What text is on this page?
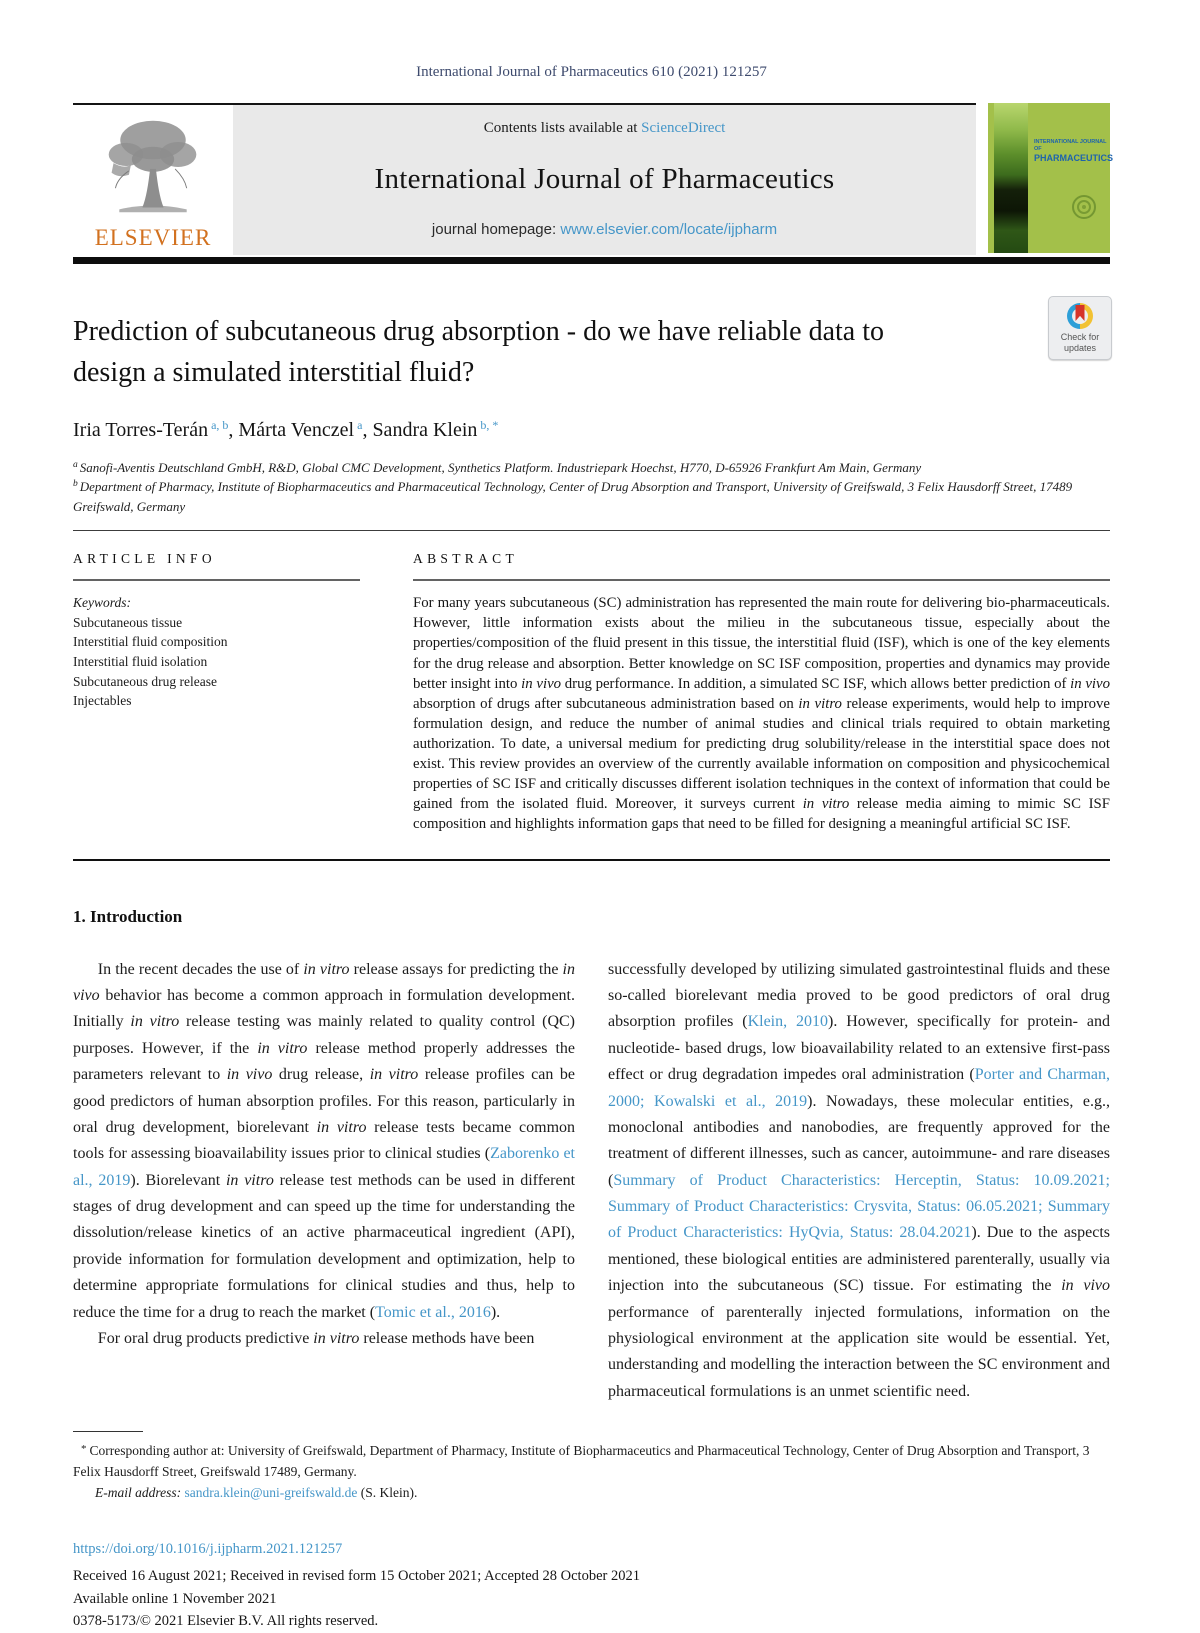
International Journal of Pharmaceutics 610 (2021) 121257
ELSEVIER
Contents lists available at ScienceDirect
International Journal of Pharmaceutics
journal homepage: www.elsevier.com/locate/ijpharm
INTERNATIONAL JOURNAL OF
PHARMACEUTICS
Prediction of subcutaneous drug absorption - do we have reliable data to design a simulated interstitial fluid?
Iria Torres-Terán $^{a, b}$, Márta Venczel $^a$, Sandra Klein $^{b, *}$
$^a$ Sanofi-Aventis Deutschland GmbH, R&D, Global CMC Development, Synthetics Platform. Industriepark Hoechst, H770, D-65926 Frankfurt Am Main, Germany
$^b$ Department of Pharmacy, Institute of Biopharmaceutics and Pharmaceutical Technology, Center of Drug Absorption and Transport, University of Greifswald, 3 Felix Hausdorff Street, 17489 Greifswald, Germany
ARTICLE INFO
Keywords:
Subcutaneous tissue
Interstitial fluid composition
Interstitial fluid isolation
Subcutaneous drug release
Injectables
ABSTRACT
For many years subcutaneous (SC) administration has represented the main route for delivering bio-pharmaceuticals. However, little information exists about the milieu in the subcutaneous tissue, especially about the properties/composition of the fluid present in this tissue, the interstitial fluid (ISF), which is one of the key elements for the drug release and absorption. Better knowledge on SC ISF composition, properties and dynamics may provide better insight into in vivo drug performance. In addition, a simulated SC ISF, which allows better prediction of in vivo absorption of drugs after subcutaneous administration based on in vitro release experiments, would help to improve formulation design, and reduce the number of animal studies and clinical trials required to obtain marketing authorization. To date, a universal medium for predicting drug solubility/release in the interstitial space does not exist. This review provides an overview of the currently available information on composition and physicochemical properties of SC ISF and critically discusses different isolation techniques in the context of information that could be gained from the isolated fluid. Moreover, it surveys current in vitro release media aiming to mimic SC ISF composition and highlights information gaps that need to be filled for designing a meaningful artificial SC ISF.
1. Introduction

In the recent decades the use of in vitro release assays for predicting the in vivo behavior has become a common approach in formulation development. Initially in vitro release testing was mainly related to quality control (QC) purposes. However, if the in vitro release method properly addresses the parameters relevant to in vivo drug release, in vitro release profiles can be good predictors of human absorption profiles. For this reason, particularly in oral drug development, biorelevant in vitro release tests became common tools for assessing bioavailability issues prior to clinical studies (Zaborenko et al., 2019). Biorelevant in vitro release test methods can be used in different stages of drug development and can speed up the time for understanding the dissolution/release kinetics of an active pharmaceutical ingredient (API), provide information for formulation development and optimization, help to determine appropriate formulations for clinical studies and thus, help to reduce the time for a drug to reach the market (Tomic et al., 2016).

For oral drug products predictive in vitro release methods have been

successfully developed by utilizing simulated gastrointestinal fluids and these so-called biorelevant media proved to be good predictors of oral drug absorption profiles (Klein, 2010). However, specifically for protein- and nucleotide- based drugs, low bioavailability related to an extensive first-pass effect or drug degradation impedes oral administration (Porter and Charman, 2000; Kowalski et al., 2019). Nowadays, these molecular entities, e.g., monoclonal antibodies and nanobodies, are frequently approved for the treatment of different illnesses, such as cancer, autoimmune- and rare diseases (Summary of Product Characteristics: Herceptin, Status: 10.09.2021; Summary of Product Characteristics: Crysvita, Status: 06.05.2021; Summary of Product Characteristics: HyQvia, Status: 28.04.2021). Due to the aspects mentioned, these biological entities are administered parenterally, usually via injection into the subcutaneous (SC) tissue. For estimating the in vivo performance of parenterally injected formulations, information on the physiological environment at the application site would be essential. Yet, understanding and modelling the interaction between the SC environment and pharmaceutical formulations is an unmet scientific need.

* Corresponding author at: University of Greifswald, Department of Pharmacy, Institute of Biopharmaceutics and Pharmaceutical Technology, Center of Drug Absorption and Transport, 3 Felix Hausdorff Street, Greifswald 17489, Germany.
E-mail address: sandra.klein@uni-greifswald.de (S. Klein).
https://doi.org/10.1016/j.ijpharm.2021.121257
Received 16 August 2021; Received in revised form 15 October 2021; Accepted 28 October 2021
Available online 1 November 2021
0378-5173/© 2021 Elsevier B.V. All rights reserved.
Check for
updates
